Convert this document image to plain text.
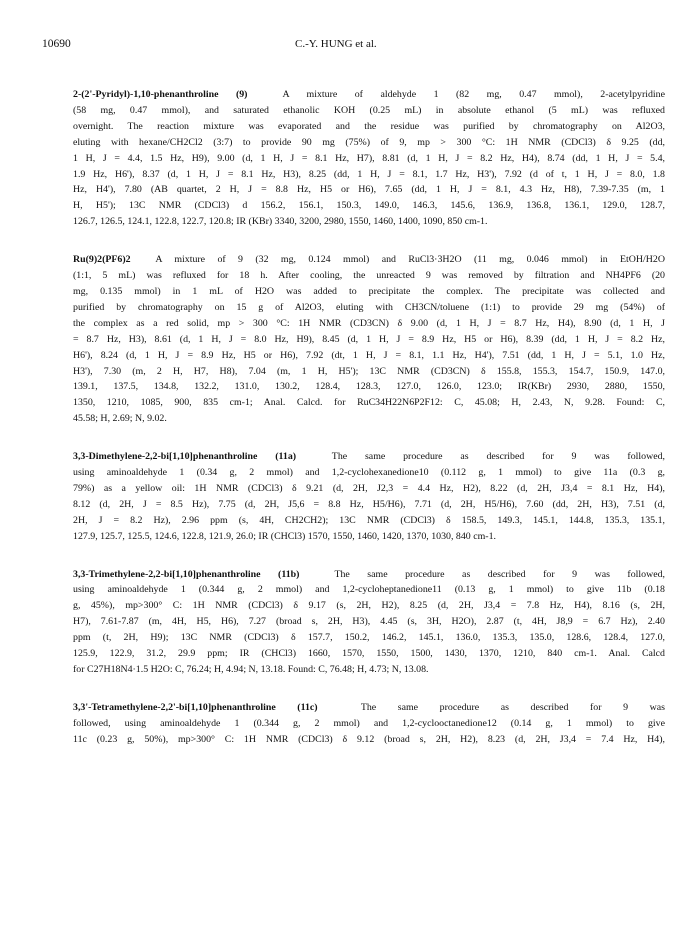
10690	C.-Y. HUNG et al.

2-(2'-Pyridyl)-1,10-phenanthroline (9)	A mixture of aldehyde 1 (82 mg, 0.47 mmol), 2-acetylpyridine
(58 mg, 0.47 mmol), and saturated ethanolic KOH (0.25 mL) in absolute ethanol (5 mL) was refluxed
overnight. The reaction mixture was evaporated and the residue was purified by chromatography on Al2O3,
eluting with hexane/CH2Cl2 (3:7) to provide 90 mg (75%) of 9, mp > 300 °C: 1H NMR (CDCl3) δ 9.25 (dd,
1 H, J = 4.4, 1.5 Hz, H9), 9.00 (d, 1 H, J = 8.1 Hz, H7), 8.81 (d, 1 H, J = 8.2 Hz, H4), 8.74 (dd, 1 H, J = 5.4,
1.9 Hz, H6'), 8.37 (d, 1 H, J = 8.1 Hz, H3), 8.25 (dd, 1 H, J = 8.1, 1.7 Hz, H3'), 7.92 (d of t, 1 H, J = 8.0, 1.8
Hz, H4'), 7.80 (AB quartet, 2 H, J = 8.8 Hz, H5 or H6), 7.65 (dd, 1 H, J = 8.1, 4.3 Hz, H8), 7.39-7.35 (m, 1
H, H5'); 13C NMR (CDCl3) d 156.2, 156.1, 150.3, 149.0, 146.3, 145.6, 136.9, 136.8, 136.1, 129.0, 128.7,
126.7, 126.5, 124.1, 122.8, 122.7, 120.8; IR (KBr) 3340, 3200, 2980, 1550, 1460, 1400, 1090, 850 cm-1.

Ru(9)2(PF6)2	A mixture of 9 (32 mg, 0.124 mmol) and RuCl3·3H2O (11 mg, 0.046 mmol) in EtOH/H2O
(1:1, 5 mL) was refluxed for 18 h. After cooling, the unreacted 9 was removed by filtration and NH4PF6 (20
mg, 0.135 mmol) in 1 mL of H2O was added to precipitate the complex. The precipitate was collected and
purified by chromatography on 15 g of Al2O3, eluting with CH3CN/toluene (1:1) to provide 29 mg (54%) of
the complex as a red solid, mp > 300 °C: 1H NMR (CD3CN) δ 9.00 (d, 1 H, J = 8.7 Hz, H4), 8.90 (d, 1 H, J
= 8.7 Hz, H3), 8.61 (d, 1 H, J = 8.0 Hz, H9), 8.45 (d, 1 H, J = 8.9 Hz, H5 or H6), 8.39 (dd, 1 H, J = 8.2 Hz,
H6'), 8.24 (d, 1 H, J = 8.9 Hz, H5 or H6), 7.92 (dt, 1 H, J = 8.1, 1.1 Hz, H4'), 7.51 (dd, 1 H, J = 5.1, 1.0 Hz,
H3'), 7.30 (m, 2 H, H7, H8), 7.04 (m, 1 H, H5'); 13C NMR (CD3CN) δ 155.8, 155.3, 154.7, 150.9, 147.0,
139.1, 137.5, 134.8, 132.2, 131.0, 130.2, 128.4, 128.3, 127.0, 126.0, 123.0; IR(KBr) 2930, 2880, 1550,
1350, 1210, 1085, 900, 835 cm-1; Anal. Calcd. for RuC34H22N6P2F12: C, 45.08; H, 2.43, N, 9.28. Found: C,
45.58; H, 2.69; N, 9.02.

3,3-Dimethylene-2,2-bi[1,10]phenanthroline (11a)	The same procedure as described for 9 was followed,
using aminoaldehyde 1 (0.34 g, 2 mmol) and 1,2-cyclohexanedione10 (0.112 g, 1 mmol) to give 11a (0.3 g,
79%) as a yellow oil: 1H NMR (CDCl3) δ 9.21 (d, 2H, J2,3 = 4.4 Hz, H2), 8.22 (d, 2H, J3,4 = 8.1 Hz, H4),
8.12 (d, 2H, J = 8.5 Hz), 7.75 (d, 2H, J5,6 = 8.8 Hz, H5/H6), 7.71 (d, 2H, H5/H6), 7.60 (dd, 2H, H3), 7.51 (d,
2H, J = 8.2 Hz), 2.96 ppm (s, 4H, CH2CH2); 13C NMR (CDCl3) δ 158.5, 149.3, 145.1, 144.8, 135.3, 135.1,
127.9, 125.7, 125.5, 124.6, 122.8, 121.9, 26.0; IR (CHCl3) 1570, 1550, 1460, 1420, 1370, 1030, 840 cm-1.

3,3-Trimethylene-2,2-bi[1,10]phenanthroline (11b)	The same procedure as described for 9 was followed,
using aminoaldehyde 1 (0.344 g, 2 mmol) and 1,2-cycloheptanedione11 (0.13 g, 1 mmol) to give 11b (0.18
g, 45%), mp>300° C: 1H NMR (CDCl3) δ 9.17 (s, 2H, H2), 8.25 (d, 2H, J3,4 = 7.8 Hz, H4), 8.16 (s, 2H,
H7), 7.61-7.87 (m, 4H, H5, H6), 7.27 (broad s, 2H, H3), 4.45 (s, 3H, H2O), 2.87 (t, 4H, J8,9 = 6.7 Hz), 2.40
ppm (t, 2H, H9); 13C NMR (CDCl3) δ 157.7, 150.2, 146.2, 145.1, 136.0, 135.3, 135.0, 128.6, 128.4, 127.0,
125.9, 122.9, 31.2, 29.9 ppm; IR (CHCl3) 1660, 1570, 1550, 1500, 1430, 1370, 1210, 840 cm-1. Anal. Calcd
for C27H18N4·1.5 H2O: C, 76.24; H, 4.94; N, 13.18. Found: C, 76.48; H, 4.73; N, 13.08.

3,3'-Tetramethylene-2,2'-bi[1,10]phenanthroline (11c)	The same procedure as described for 9 was
followed, using aminoaldehyde 1 (0.344 g, 2 mmol) and 1,2-cyclooctanedione12 (0.14 g, 1 mmol) to give
11c (0.23 g, 50%), mp>300° C: 1H NMR (CDCl3) δ 9.12 (broad s, 2H, H2), 8.23 (d, 2H, J3,4 = 7.4 Hz, H4),
